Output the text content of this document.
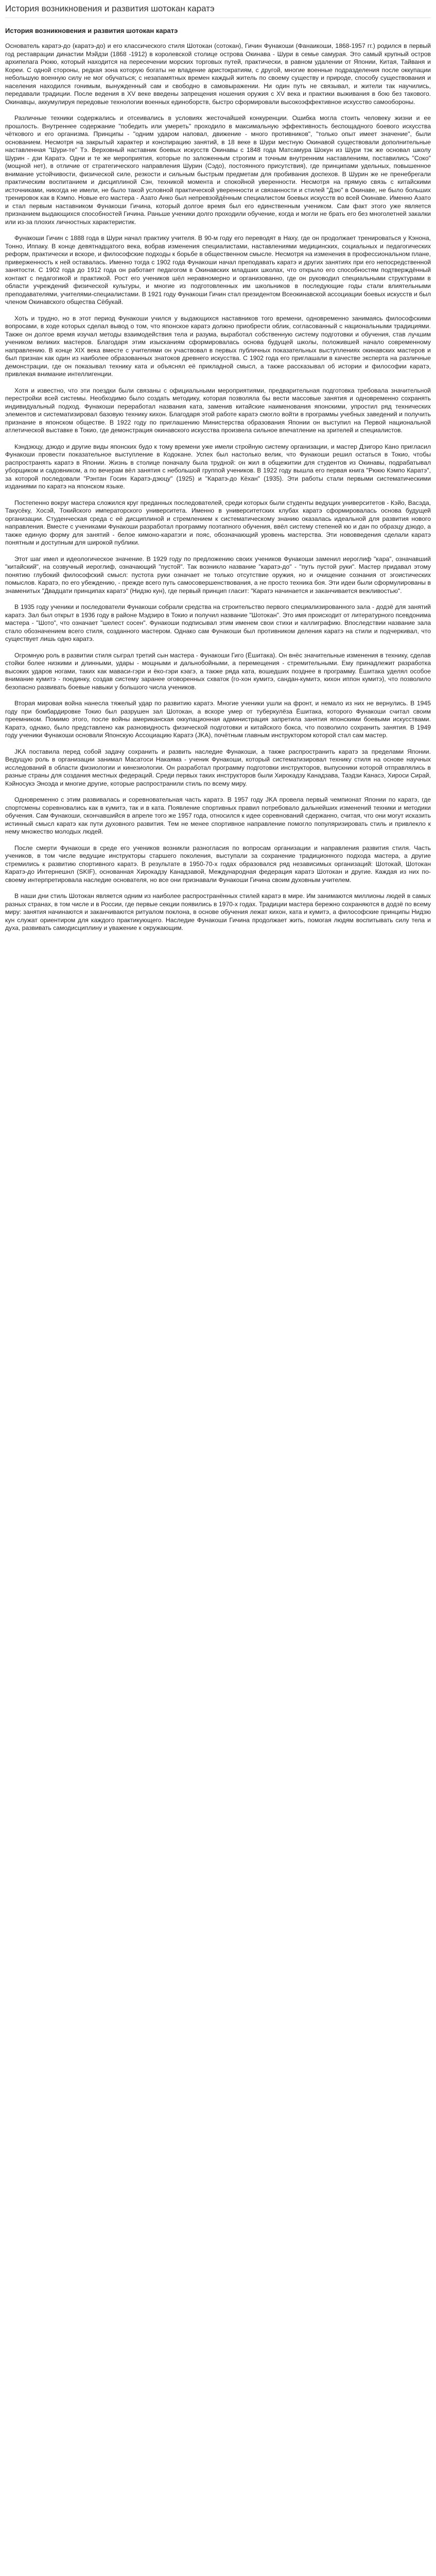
История возникновения и развития шотокан каратэ
История возникновения и развития шотокан каратэ

Основатель каратэ-до (каратэ-до) и его классического стиля Шотокан (сотокан), Гичин Фунакоши (Фанаикоши, 1868-1957 гг.) родился в первый год реставрации династии Мэйдзи (1868 -1912) в королевской столице острова Окинава - Шури в семье самурая. Это самый крупный остров архипелага Рюкю, который находится на пересечении морских торговых путей, практически, в равном удалении от Японии, Китая, Тайваня и Кореи. С одной стороны, редкая зона которую богаты не владение аристократиям, с другой, многие военные подразделения после оккупации небольшую военную силу не мог обучаться; с незапамятных времен каждый житель по своему существу и природе, способу существования и населения находился гонимым, вынужденный сам и свободно в самовыражении. Ни один путь не связывал, и жители так научились, передавали традиции. После ведения в XV веке введены запрещения ношения оружия с XV века и практики выживания в бою без такового. Окинавцы, аккумулируя передовые технологии военных единоборств, быстро сформировали высокоэффективное искусство самообороны.

Различные техники содержались и отсеивались в условиях жесточайшей конкуренции. Ошибка могла стоить человеку жизни и ее прошлость. Внутреннее содержание "победить или умереть" проходило в максимальную эффективность беспощадного боевого искусства чёткового и его организма. Принципы - "одним ударом наповал, движение - много противников", "только опыт имеет значение", были основанием. Несмотря на закрытый характер и конспирацию занятий, в 18 веке в Шури местную Окинавой существовали дополнительные наставленная "Шури-те" Тэ. Верховный наставник боевых искусств Окинавы с 1848 года Матсамура Шокун из Шури тэк же основал школу Шурин - дзи Каратэ. Одни и те же мероприятия, которые по заложенным строгим и точным внутренним наставлениям, поставились "Соко" (мощной нет), в отличие от стратегического направления Шурин (Сэдо), постоянного присутствия), где принципами удельных, повышенное внимание устойчивости, физической силе, резкости и сильным быстрым предметам для пробивания доспехов. В Шурин же не пренебрегали практическим воспитанием и дисциплиной Сэн, техникой момента и спокойной уверенности. Несмотря на прямую связь с китайскими источниками, никогда не имели, не было такой условной практической уверенности и связанности и стилей "Дзю" в Окинаве, не было больших тренировок как в Кэмпо. Новые его мастера - Азато Анко был непревзойдённым специалистом боевых искусств во всей Окинаве. Именно Азато и стал первым наставником Фунакоши Гичина, который долгое время был его единственным учеником. Сам факт этого уже является признанием выдающихся способностей Гичина. Раньше ученики долго проходили обучение, когда и могли не брать его без многолетней закалки или из-за плохих личностных характеристик.

Фунакоши Гичин с 1888 года в Шури начал практику учителя. В 90-м году его переводят в Наху, где он продолжает тренироваться у Кэнона, Тонно, Иппаку. В конце девятнадцатого века, вобрав изменения специалистами, наставлениями медицинских, социальных и педагогических реформ, практически и вскоре, и философские подходы к борьбе в общественном смысле. Несмотря на изменения в профессиональном плане, приверженность к ней оставалась. Именно тогда с 1902 года Фунакоши начал преподавать каратэ и других занятиях при его непосредственной занятости. С 1902 года до 1912 года он работает педагогом в Окинавских младших школах, что открыло его способностям подтверждённый контакт с педагогикой и практикой. Рост его учеников шёл неравномерно и организованно, где он руководил специальными структурами в области учреждений физической культуры, и многие из подготовленных им школьников в последующие годы стали влиятельными преподавателями, учителями-специалистами. В 1921 году Фунакоши Гичин стал президентом Всеокинавской ассоциации боевых искусств и был членом Окинавского общества Сёбукай.

Хоть и трудно, но в этот период Фунакоши учился у выдающихся наставников того времени, одновременно занимаясь философскими вопросами, в ходе которых сделал вывод о том, что японское каратэ должно приобрести облик, согласованный с национальными традициями. Также он долгое время изучал методы взаимодействия тела и разума, выработал собственную систему подготовки и обучения, став лучшим учеником великих мастеров. Благодаря этим изысканиям сформировалась основа будущей школы, положившей начало современному направлению. В конце XIX века вместе с учителями он участвовал в первых публичных показательных выступлениях окинавских мастеров и был признан как один из наиболее образованных знатоков древнего искусства. С 1902 года его приглашали в качестве эксперта на различные демонстрации, где он показывал технику ката и объяснял её прикладной смысл, а также рассказывал об истории и философии каратэ, привлекая внимание интеллигенции.

Хотя и известно, что эти поездки были связаны с официальными мероприятиями, предварительная подготовка требовала значительной перестройки всей системы. Необходимо было создать методику, которая позволяла бы вести массовые занятия и одновременно сохранять индивидуальный подход. Фунакоши переработал названия ката, заменив китайские наименования японскими, упростил ряд технических элементов и систематизировал базовую технику кихон. Благодаря этой работе каратэ смогло войти в программы учебных заведений и получить признание в японском обществе. В 1922 году по приглашению Министерства образования Японии он выступил на Первой национальной атлетической выставке в Токио, где демонстрация окинавского искусства произвела сильное впечатление на зрителей и специалистов.

Кэндзюцу, дзюдо и другие виды японских будо к тому времени уже имели стройную систему организации, и мастер Дзигоро Кано пригласил Фунакоши провести показательное выступление в Кодокане. Успех был настолько велик, что Фунакоши решил остаться в Токио, чтобы распространять каратэ в Японии. Жизнь в столице поначалу была трудной: он жил в общежитии для студентов из Окинавы, подрабатывал уборщиком и садовником, а по вечерам вёл занятия с небольшой группой учеников. В 1922 году вышла его первая книга "Рюкю Кэмпо Каратэ", за которой последовали "Рэнтан Госин Каратэ-дзюцу" (1925) и "Каратэ-до Кёхан" (1935). Эти работы стали первыми систематическими изданиями по каратэ на японском языке.

Постепенно вокруг мастера сложился круг преданных последователей, среди которых были студенты ведущих университетов - Кэйо, Васэда, Такусёку, Хосэй, Токийского императорского университета. Именно в университетских клубах каратэ сформировалась основа будущей организации. Студенческая среда с её дисциплиной и стремлением к систематическому знанию оказалась идеальной для развития нового направления. Вместе с учениками Фунакоши разработал программу поэтапного обучения, ввёл систему степеней кю и дан по образцу дзюдо, а также единую форму для занятий - белое кимоно-каратэги и пояс, обозначающий уровень мастерства. Эти нововведения сделали каратэ понятным и доступным для широкой публики.

Этот шаг имел и идеологическое значение. В 1929 году по предложению своих учеников Фунакоши заменил иероглиф "кара", означавший "китайский", на созвучный иероглиф, означающий "пустой". Так возникло название "каратэ-до" - "путь пустой руки". Мастер придавал этому понятию глубокий философский смысл: пустота руки означает не только отсутствие оружия, но и очищение сознания от эгоистических помыслов. Каратэ, по его убеждению, - прежде всего путь самосовершенствования, а не просто техника боя. Эти идеи были сформулированы в знаменитых "Двадцати принципах каратэ" (Нидзю кун), где первый принцип гласит: "Каратэ начинается и заканчивается вежливостью".

В 1935 году ученики и последователи Фунакоши собрали средства на строительство первого специализированного зала - додзё для занятий каратэ. Зал был открыт в 1936 году в районе Мэдзиро в Токио и получил название "Шотокан". Это имя происходит от литературного псевдонима мастера - "Шото", что означает "шелест сосен". Фунакоши подписывал этим именем свои стихи и каллиграфию. Впоследствии название зала стало обозначением всего стиля, созданного мастером. Однако сам Фунакоши был противником деления каратэ на стили и подчеркивал, что существует лишь одно каратэ.

Огромную роль в развитии стиля сыграл третий сын мастера - Фунакоши Гигo (Ёшитака). Он внёс значительные изменения в технику, сделав стойки более низкими и длинными, удары - мощными и дальнобойными, а перемещения - стремительными. Ему принадлежит разработка высоких ударов ногами, таких как маваси-гэри и ёко-гэри кэагэ, а также ряда ката, вошедших позднее в программу. Ёшитака уделял особое внимание кумитэ - поединку, создав систему заранее оговоренных схваток (го-хон кумитэ, сандан-кумитэ, кихон иппон кумитэ), что позволило безопасно развивать боевые навыки у большого числа учеников.

Вторая мировая война нанесла тяжелый удар по развитию каратэ. Многие ученики ушли на фронт, и немало из них не вернулись. В 1945 году при бомбардировке Токио был разрушен зал Шотокан, а вскоре умер от туберкулёза Ёшитака, которого Фунакоши считал своим преемником. Помимо этого, после войны американская оккупационная администрация запретила занятия японскими боевыми искусствами. Каратэ, однако, было представлено как разновидность физической подготовки и китайского бокса, что позволило сохранить занятия. В 1949 году ученики Фунакоши основали Японскую Ассоциацию Каратэ (JKA), почётным главным инструктором которой стал сам мастер.

JKA поставила перед собой задачу сохранить и развить наследие Фунакоши, а также распространить каратэ за пределами Японии. Ведущую роль в организации занимал Масатоси Накаяма - ученик Фунакоши, который систематизировал технику стиля на основе научных исследований в области физиологии и кинезиологии. Он разработал программу подготовки инструкторов, выпускники которой отправлялись в разные страны для создания местных федераций. Среди первых таких инструкторов были Хирокадзу Канадзава, Таэдзи Канасэ, Хироси Сирай, Кэйносукэ Эноэда и многие другие, которые распространили стиль по всему миру.

Одновременно с этим развивалась и соревновательная часть каратэ. В 1957 году JKA провела первый чемпионат Японии по каратэ, где спортсмены соревновались как в кумитэ, так и в ката. Появление спортивных правил потребовало дальнейших изменений техники и методики обучения. Сам Фунакоши, скончавшийся в апреле того же 1957 года, относился к идее соревнований сдержанно, считая, что они могут исказить истинный смысл каратэ как пути духовного развития. Тем не менее спортивное направление помогло популяризировать стиль и привлекло к нему множество молодых людей.

После смерти Фунакоши в среде его учеников возникли разногласия по вопросам организации и направления развития стиля. Часть учеников, в том числе ведущие инструкторы старшего поколения, выступали за сохранение традиционного подхода мастера, а другие стремились к развитию спортивного каратэ. В результате в 1950-70-х годах образовался ряд независимых организаций: Шотокай, Шотокан Каратэ-до Интернешнл (SKIF), основанная Хирокадзу Канадзавой, Международная федерация каратэ Шотокан и другие. Каждая из них по-своему интерпретировала наследие основателя, но все они признавали Фунакоши Гичина своим духовным учителем.

В наши дни стиль Шотокан является одним из наиболее распространённых стилей каратэ в мире. Им занимаются миллионы людей в самых разных странах, в том числе и в России, где первые секции появились в 1970-х годах. Традиции мастера бережно сохраняются в додзё по всему миру: занятия начинаются и заканчиваются ритуалом поклона, в основе обучения лежат кихон, ката и кумитэ, а философские принципы Нидзю кун служат ориентиром для каждого практикующего. Наследие Фунакоши Гичина продолжает жить, помогая людям воспитывать силу тела и духа, развивать самодисциплину и уважение к окружающим.
